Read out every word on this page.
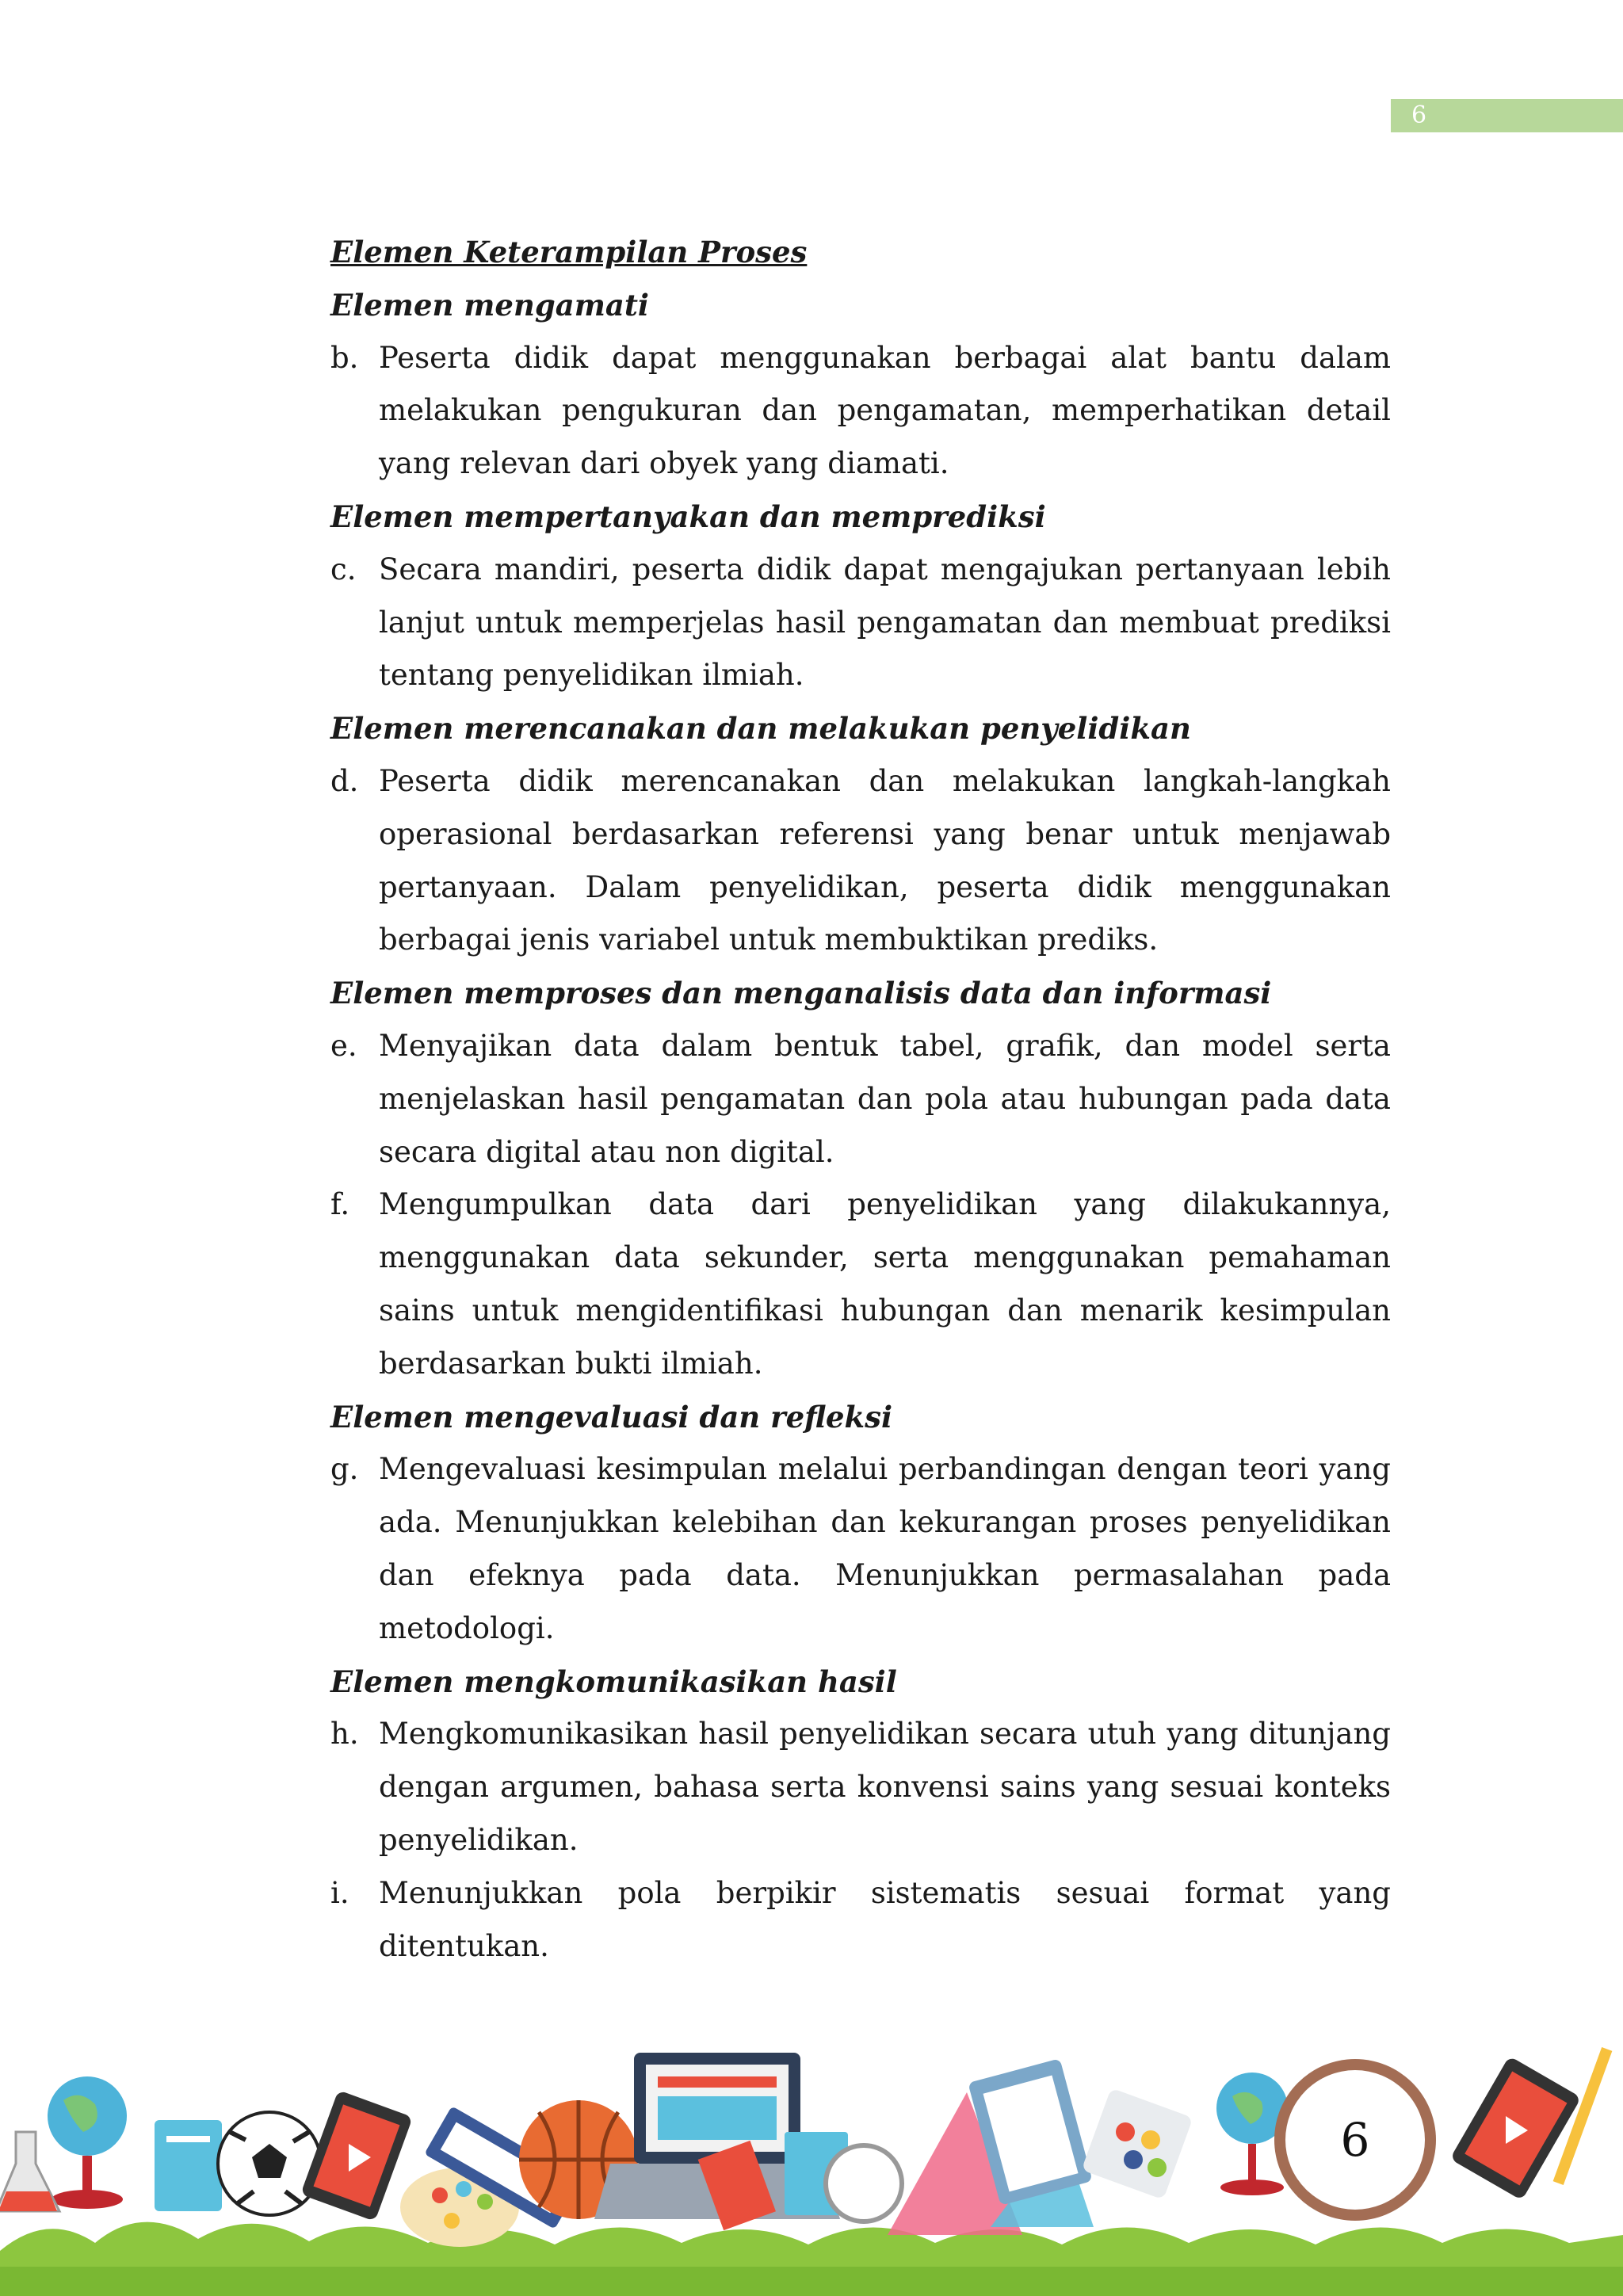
6

Elemen Keterampilan Proses

Elemen mengamati

b. Peserta didik dapat menggunakan berbagai alat bantu dalam melakukan pengukuran dan pengamatan, memperhatikan detail yang relevan dari obyek yang diamati.

Elemen mempertanyakan dan memprediksi

c. Secara mandiri, peserta didik dapat mengajukan pertanyaan lebih lanjut untuk memperjelas hasil pengamatan dan membuat prediksi tentang penyelidikan ilmiah.

Elemen merencanakan dan melakukan penyelidikan

d. Peserta didik merencanakan dan melakukan langkah-langkah operasional berdasarkan referensi yang benar untuk menjawab pertanyaan. Dalam penyelidikan, peserta didik menggunakan berbagai jenis variabel untuk membuktikan prediks.

Elemen memproses dan menganalisis data dan informasi

e. Menyajikan data dalam bentuk tabel, grafik, dan model serta menjelaskan hasil pengamatan dan pola atau hubungan pada data secara digital atau non digital.
f. Mengumpulkan data dari penyelidikan yang dilakukannya, menggunakan data sekunder, serta menggunakan pemahaman sains untuk mengidentifikasi hubungan dan menarik kesimpulan berdasarkan bukti ilmiah.

Elemen mengevaluasi dan refleksi

g. Mengevaluasi kesimpulan melalui perbandingan dengan teori yang ada. Menunjukkan kelebihan dan kekurangan proses penyelidikan dan efeknya pada data. Menunjukkan permasalahan pada metodologi.

Elemen mengkomunikasikan hasil

h. Mengkomunikasikan hasil penyelidikan secara utuh yang ditunjang dengan argumen, bahasa serta konvensi sains yang sesuai konteks penyelidikan.
i.	Menunjukkan pola berpikir sistematis sesuai format yang ditentukan.
6
